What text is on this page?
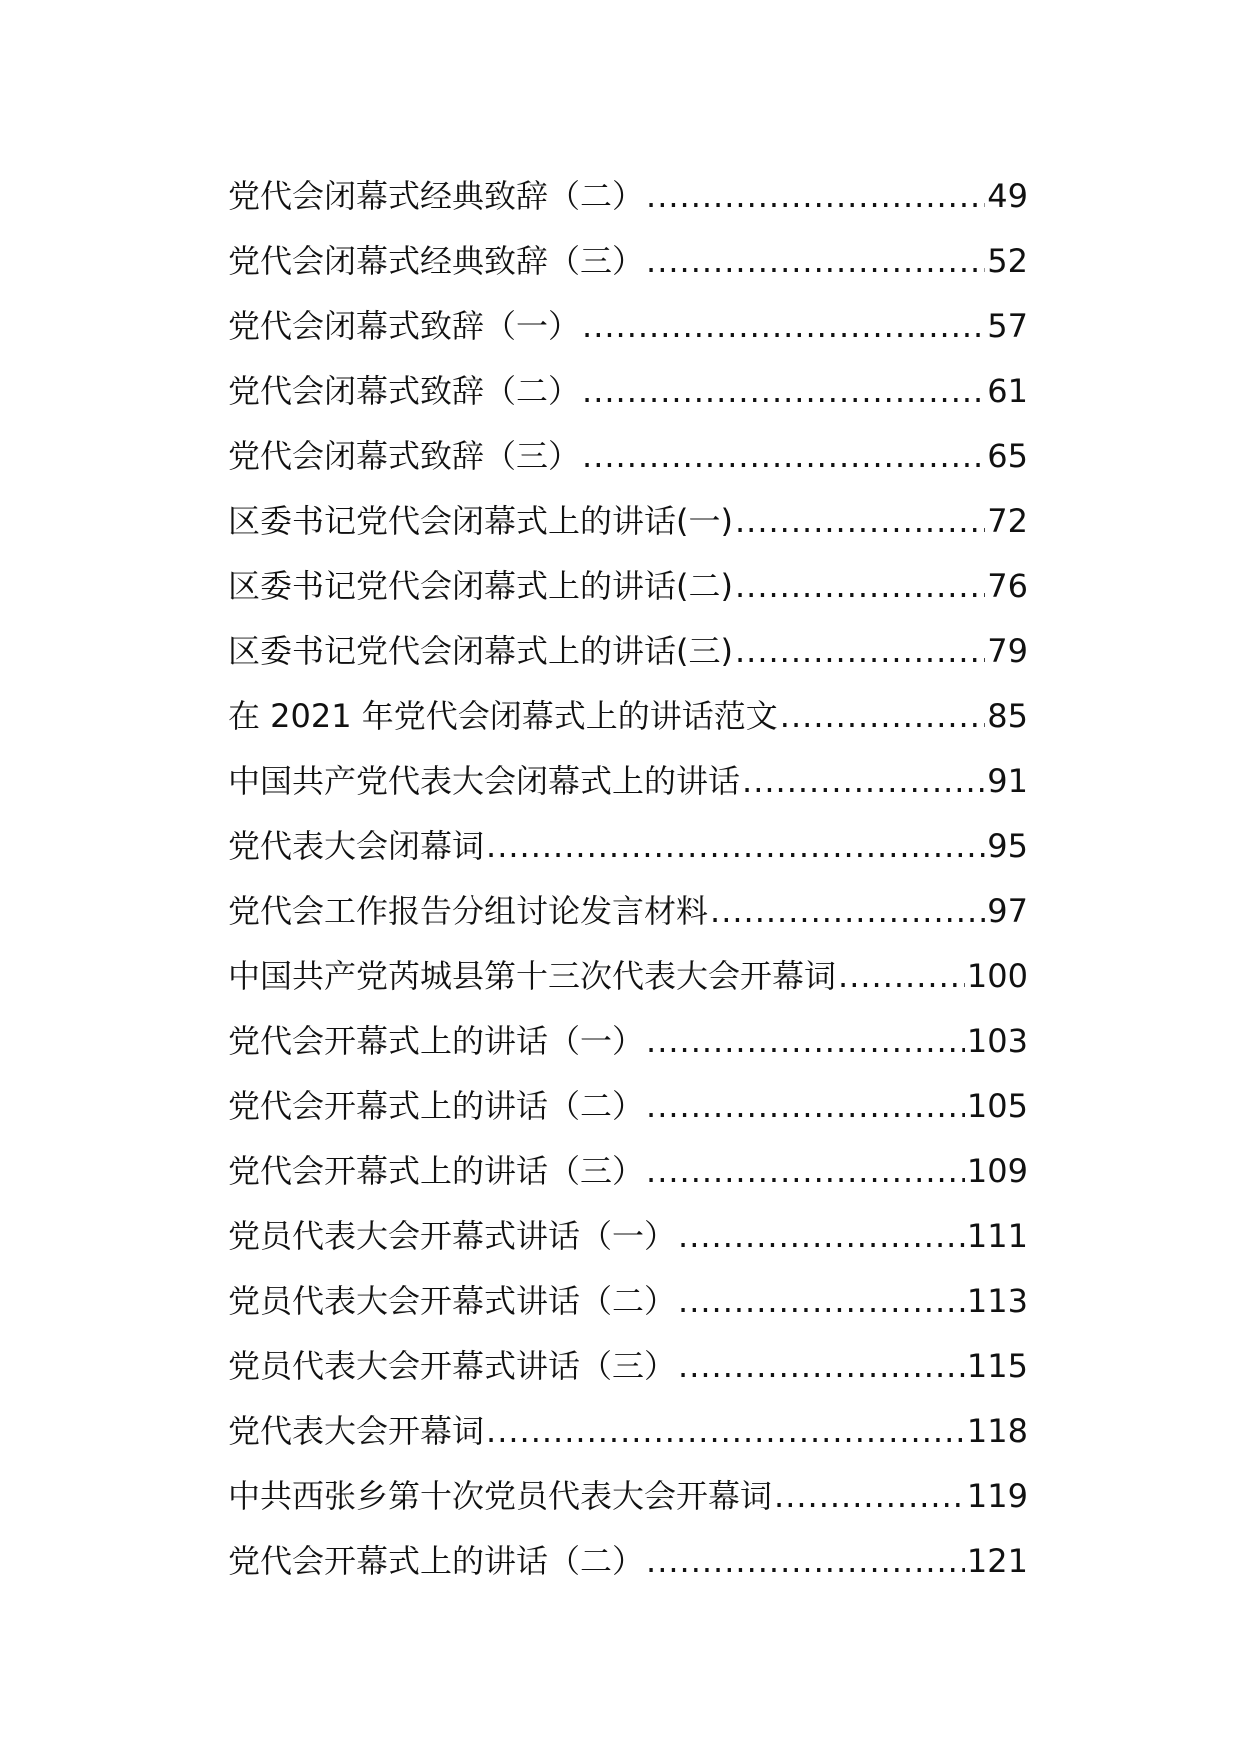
党代会闭幕式经典致辞（二） .....	49
党代会闭幕式经典致辞（三） .....	52
党代会闭幕式致辞（一） .....	57
党代会闭幕式致辞（二） .....	61
党代会闭幕式致辞（三） .....	65
区委书记党代会闭幕式上的讲话(一) .....	72
区委书记党代会闭幕式上的讲话(二) .....	76
区委书记党代会闭幕式上的讲话(三) .....	79
在 2021 年党代会闭幕式上的讲话范文 .....	85
中国共产党代表大会闭幕式上的讲话 .....	91
党代表大会闭幕词 .....	95
党代会工作报告分组讨论发言材料 .....	97
中国共产党芮城县第十三次代表大会开幕词 .....	100
党代会开幕式上的讲话（一） .....	103
党代会开幕式上的讲话（二） .....	105
党代会开幕式上的讲话（三） .....	109
党员代表大会开幕式讲话（一） .....	111
党员代表大会开幕式讲话（二） .....	113
党员代表大会开幕式讲话（三） .....	115
党代表大会开幕词 .....	118
中共西张乡第十次党员代表大会开幕词 .....	119
党代会开幕式上的讲话（二） .....	121
